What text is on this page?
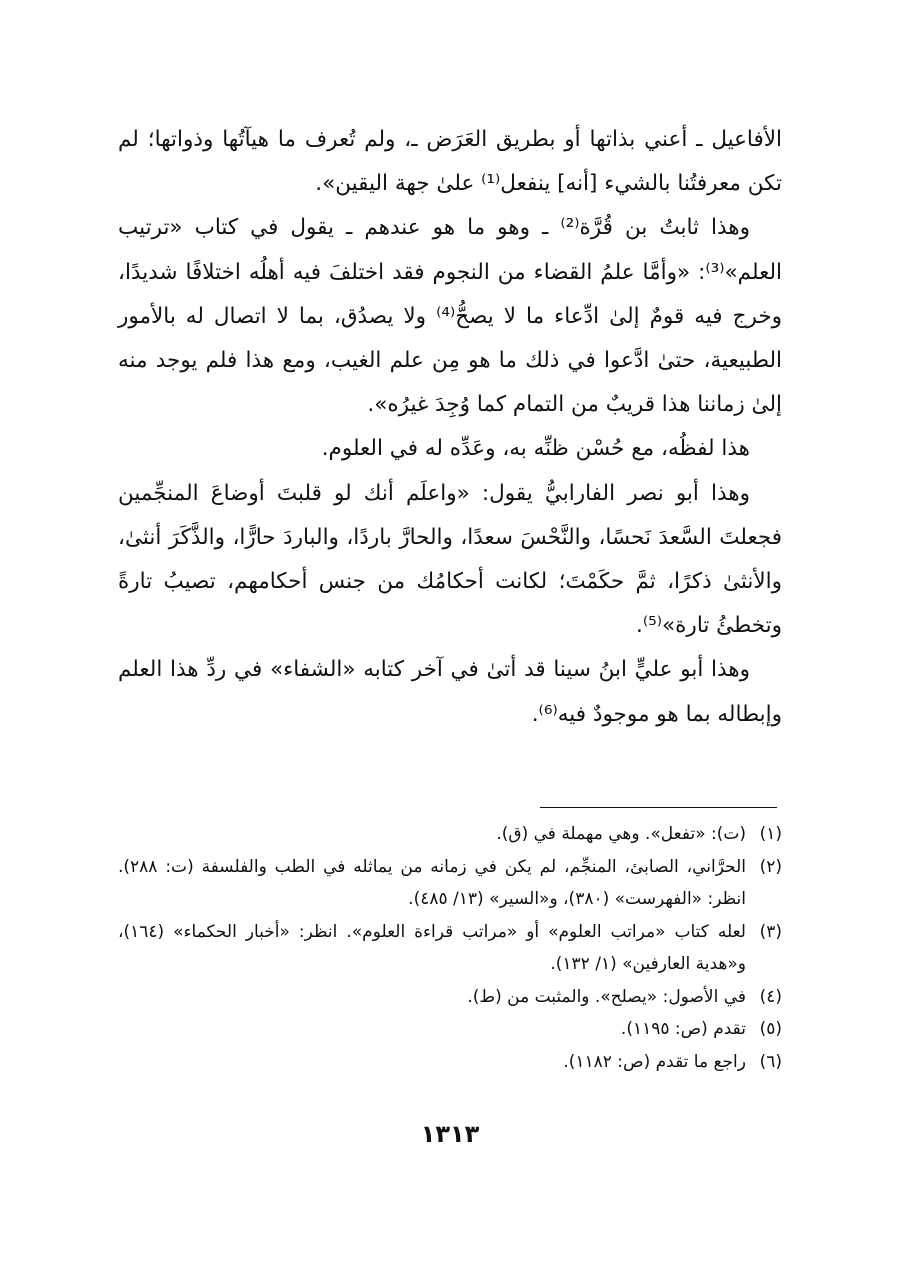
الأفاعيل ـ أعني بذاتها أو بطريق العَرَض ـ، ولم تُعرف ما هيآتُها وذواتها؛ لم تكن معرفتُنا بالشيء [أنه] ينفعل⁽¹⁾ علىٰ جهة اليقين».

وهذا ثابتُ بن قُرَّة⁽²⁾ ـ وهو ما هو عندهم ـ يقول في كتاب «ترتيب العلم»⁽³⁾: «وأمَّا علمُ القضاء من النجوم فقد اختلفَ فيه أهلُه اختلافًا شديدًا، وخرج فيه قومٌ إلىٰ ادِّعاء ما لا يصحُّ⁽⁴⁾ ولا يصدُق، بما لا اتصال له بالأمور الطبيعية، حتىٰ ادَّعوا في ذلك ما هو مِن علم الغيب، ومع هذا فلم يوجد منه إلىٰ زماننا هذا قريبٌ من التمام كما وُجِدَ غيرُه».

هذا لفظُه، مع حُسْن ظنِّه به، وعَدِّه له في العلوم.

وهذا أبو نصر الفارابيُّ يقول: «واعلَم أنك لو قلبتَ أوضاعَ المنجِّمين فجعلتَ السَّعدَ نَحسًا، والنَّحْسَ سعدًا، والحارَّ باردًا، والباردَ حارًّا، والذَّكَرَ أنثىٰ، والأنثىٰ ذكرًا، ثمَّ حكَمْتَ؛ لكانت أحكامُك من جنس أحكامهم، تصيبُ تارةً وتخطئُ تارة»⁽⁵⁾.

وهذا أبو عليٍّ ابنُ سينا قد أتىٰ في آخر كتابه «الشفاء» في ردِّ هذا العلم وإبطاله بما هو موجودٌ فيه⁽⁶⁾.

(١)
(ت): «تفعل». وهي مهملة في (ق).
(٢)
الحرَّاني، الصابئ، المنجِّم، لم يكن في زمانه من يماثله في الطب والفلسفة (ت: ٢٨٨). انظر: «الفهرست» (٣٨٠)، و«السير» (١٣/ ٤٨٥).
(٣)
لعله كتاب «مراتب العلوم» أو «مراتب قراءة العلوم». انظر: «أخبار الحكماء» (١٦٤)، و«هدية العارفين» (١/ ١٣٢).
(٤)
في الأصول: «يصلح». والمثبت من (ط).
(٥)
تقدم (ص: ١١٩٥).
(٦)
راجع ما تقدم (ص: ١١٨٢).
١٣١٣
